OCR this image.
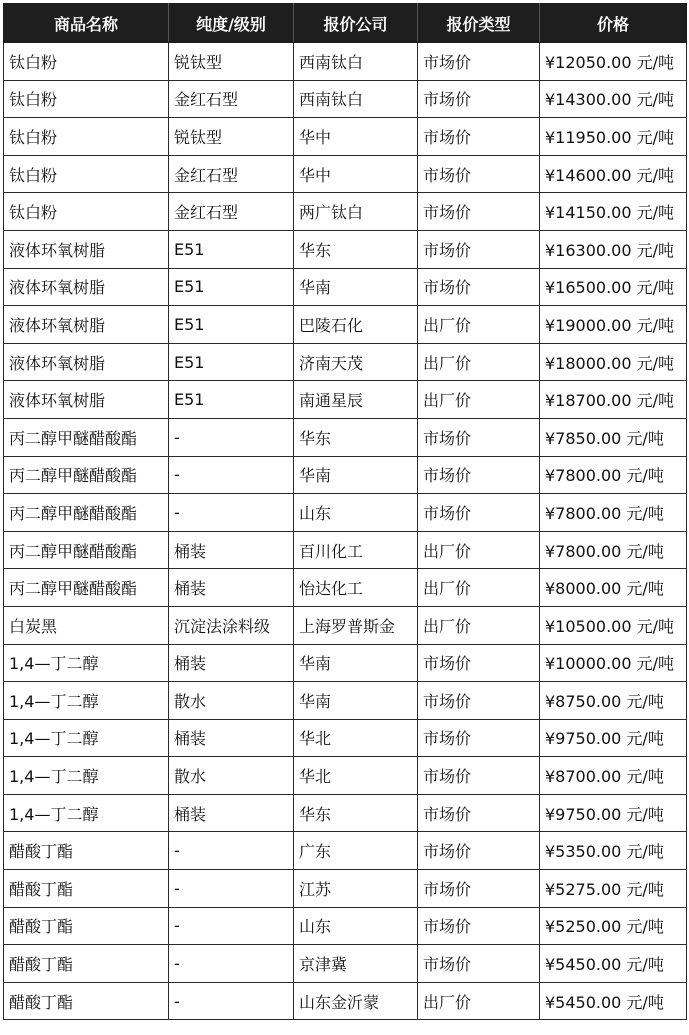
商品名称	纯度/级别	报价公司	报价类型	价格
钛白粉	锐钛型	西南钛白	市场价	¥12050.00 元/吨
钛白粉	金红石型	西南钛白	市场价	¥14300.00 元/吨
钛白粉	锐钛型	华中	市场价	¥11950.00 元/吨
钛白粉	金红石型	华中	市场价	¥14600.00 元/吨
钛白粉	金红石型	两广钛白	市场价	¥14150.00 元/吨
液体环氧树脂	E51	华东	市场价	¥16300.00 元/吨
液体环氧树脂	E51	华南	市场价	¥16500.00 元/吨
液体环氧树脂	E51	巴陵石化	出厂价	¥19000.00 元/吨
液体环氧树脂	E51	济南天茂	出厂价	¥18000.00 元/吨
液体环氧树脂	E51	南通星辰	出厂价	¥18700.00 元/吨
丙二醇甲醚醋酸酯	-	华东	市场价	¥7850.00 元/吨
丙二醇甲醚醋酸酯	-	华南	市场价	¥7800.00 元/吨
丙二醇甲醚醋酸酯	-	山东	市场价	¥7800.00 元/吨
丙二醇甲醚醋酸酯	桶装	百川化工	出厂价	¥7800.00 元/吨
丙二醇甲醚醋酸酯	桶装	怡达化工	出厂价	¥8000.00 元/吨
白炭黑	沉淀法涂料级	上海罗普斯金	出厂价	¥10500.00 元/吨
1,4—丁二醇	桶装	华南	市场价	¥10000.00 元/吨
1,4—丁二醇	散水	华南	市场价	¥8750.00 元/吨
1,4—丁二醇	桶装	华北	市场价	¥9750.00 元/吨
1,4—丁二醇	散水	华北	市场价	¥8700.00 元/吨
1,4—丁二醇	桶装	华东	市场价	¥9750.00 元/吨
醋酸丁酯	-	广东	市场价	¥5350.00 元/吨
醋酸丁酯	-	江苏	市场价	¥5275.00 元/吨
醋酸丁酯	-	山东	市场价	¥5250.00 元/吨
醋酸丁酯	-	京津冀	市场价	¥5450.00 元/吨
醋酸丁酯	-	山东金沂蒙	出厂价	¥5450.00 元/吨
